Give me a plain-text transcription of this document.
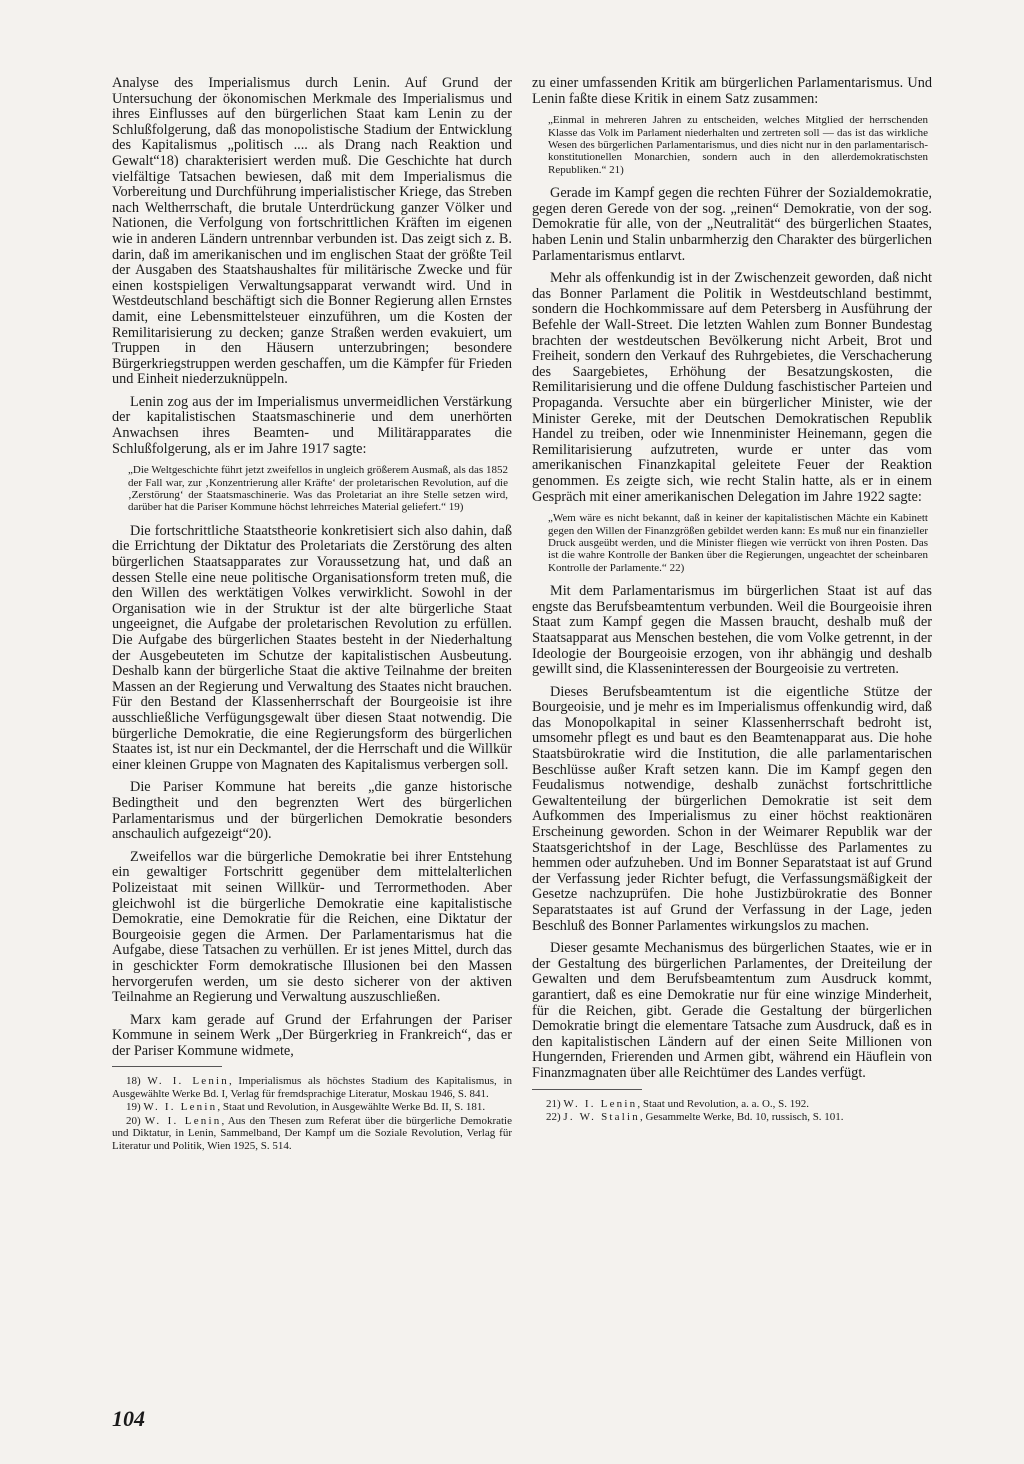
Analyse des Imperialismus durch Lenin. Auf Grund der Untersuchung der ökonomischen Merkmale des Imperialismus und ihres Einflusses auf den bürgerlichen Staat kam Lenin zu der Schlußfolgerung, daß das monopolistische Stadium der Entwicklung des Kapitalismus „politisch .... als Drang nach Reaktion und Gewalt“18) charakterisiert werden muß. Die Geschichte hat durch vielfältige Tatsachen bewiesen, daß mit dem Imperialismus die Vorbereitung und Durchführung imperialistischer Kriege, das Streben nach Weltherrschaft, die brutale Unterdrückung ganzer Völker und Nationen, die Verfolgung von fortschrittlichen Kräften im eigenen wie in anderen Ländern untrennbar verbunden ist. Das zeigt sich z. B. darin, daß im amerikanischen und im englischen Staat der größte Teil der Ausgaben des Staatshaushaltes für militärische Zwecke und für einen kostspieligen Verwaltungsapparat verwandt wird. Und in Westdeutschland beschäftigt sich die Bonner Regierung allen Ernstes damit, eine Lebensmittelsteuer einzuführen, um die Kosten der Remilitarisierung zu decken; ganze Straßen werden evakuiert, um Truppen in den Häusern unterzubringen; besondere Bürgerkriegstruppen werden geschaffen, um die Kämpfer für Frieden und Einheit niederzuknüppeln.

Lenin zog aus der im Imperialismus unvermeidlichen Verstärkung der kapitalistischen Staatsmaschinerie und dem unerhörten Anwachsen ihres Beamten- und Militärapparates die Schlußfolgerung, als er im Jahre 1917 sagte:

„Die Weltgeschichte führt jetzt zweifellos in ungleich größerem Ausmaß, als das 1852 der Fall war, zur ‚Konzentrierung aller Kräfte‘ der proletarischen Revolution, auf die ‚Zerstörung‘ der Staatsmaschinerie. Was das Proletariat an ihre Stelle setzen wird, darüber hat die Pariser Kommune höchst lehrreiches Material geliefert.“ 19)

Die fortschrittliche Staatstheorie konkretisiert sich also dahin, daß die Errichtung der Diktatur des Proletariats die Zerstörung des alten bürgerlichen Staatsapparates zur Voraussetzung hat, und daß an dessen Stelle eine neue politische Organisationsform treten muß, die den Willen des werktätigen Volkes verwirklicht. Sowohl in der Organisation wie in der Struktur ist der alte bürgerliche Staat ungeeignet, die Aufgabe der proletarischen Revolution zu erfüllen. Die Aufgabe des bürgerlichen Staates besteht in der Niederhaltung der Ausgebeuteten im Schutze der kapitalistischen Ausbeutung. Deshalb kann der bürgerliche Staat die aktive Teilnahme der breiten Massen an der Regierung und Verwaltung des Staates nicht brauchen. Für den Bestand der Klassenherrschaft der Bourgeoisie ist ihre ausschließliche Verfügungsgewalt über diesen Staat notwendig. Die bürgerliche Demokratie, die eine Regierungsform des bürgerlichen Staates ist, ist nur ein Deckmantel, der die Herrschaft und die Willkür einer kleinen Gruppe von Magnaten des Kapitalismus verbergen soll.

Die Pariser Kommune hat bereits „die ganze historische Bedingtheit und den begrenzten Wert des bürgerlichen Parlamentarismus und der bürgerlichen Demokratie besonders anschaulich aufgezeigt“20).

Zweifellos war die bürgerliche Demokratie bei ihrer Entstehung ein gewaltiger Fortschritt gegenüber dem mittelalterlichen Polizeistaat mit seinen Willkür- und Terrormethoden. Aber gleichwohl ist die bürgerliche Demokratie eine kapitalistische Demokratie, eine Demokratie für die Reichen, eine Diktatur der Bourgeoisie gegen die Armen. Der Parlamentarismus hat die Aufgabe, diese Tatsachen zu verhüllen. Er ist jenes Mittel, durch das in geschickter Form demokratische Illusionen bei den Massen hervorgerufen werden, um sie desto sicherer von der aktiven Teilnahme an Regierung und Verwaltung auszuschließen.

Marx kam gerade auf Grund der Erfahrungen der Pariser Kommune in seinem Werk „Der Bürgerkrieg in Frankreich“, das er der Pariser Kommune widmete,

18) W. I. Lenin, Imperialismus als höchstes Stadium des Kapitalismus, in Ausgewählte Werke Bd. I, Verlag für fremdsprachige Literatur, Moskau 1946, S. 841.

19) W. I. Lenin, Staat und Revolution, in Ausgewählte Werke Bd. II, S. 181.

20) W. I. Lenin, Aus den Thesen zum Referat über die bürgerliche Demokratie und Diktatur, in Lenin, Sammelband, Der Kampf um die Soziale Revolution, Verlag für Literatur und Politik, Wien 1925, S. 514.

zu einer umfassenden Kritik am bürgerlichen Parlamentarismus. Und Lenin faßte diese Kritik in einem Satz zusammen:

„Einmal in mehreren Jahren zu entscheiden, welches Mitglied der herrschenden Klasse das Volk im Parlament niederhalten und zertreten soll — das ist das wirkliche Wesen des bürgerlichen Parlamentarismus, und dies nicht nur in den parlamentarisch-konstitutionellen Monarchien, sondern auch in den allerdemokratischsten Republiken.“ 21)

Gerade im Kampf gegen die rechten Führer der Sozialdemokratie, gegen deren Gerede von der sog. „reinen“ Demokratie, von der sog. Demokratie für alle, von der „Neutralität“ des bürgerlichen Staates, haben Lenin und Stalin unbarmherzig den Charakter des bürgerlichen Parlamentarismus entlarvt.

Mehr als offenkundig ist in der Zwischenzeit geworden, daß nicht das Bonner Parlament die Politik in Westdeutschland bestimmt, sondern die Hochkommissare auf dem Petersberg in Ausführung der Befehle der Wall-Street. Die letzten Wahlen zum Bonner Bundestag brachten der westdeutschen Bevölkerung nicht Arbeit, Brot und Freiheit, sondern den Verkauf des Ruhrgebietes, die Verschacherung des Saargebietes, Erhöhung der Besatzungskosten, die Remilitarisierung und die offene Duldung faschistischer Parteien und Propaganda. Versuchte aber ein bürgerlicher Minister, wie der Minister Gereke, mit der Deutschen Demokratischen Republik Handel zu treiben, oder wie Innenminister Heinemann, gegen die Remilitarisierung aufzutreten, wurde er unter das vom amerikanischen Finanzkapital geleitete Feuer der Reaktion genommen. Es zeigte sich, wie recht Stalin hatte, als er in einem Gespräch mit einer amerikanischen Delegation im Jahre 1922 sagte:

„Wem wäre es nicht bekannt, daß in keiner der kapitalistischen Mächte ein Kabinett gegen den Willen der Finanzgrößen gebildet werden kann: Es muß nur ein finanzieller Druck ausgeübt werden, und die Minister fliegen wie verrückt von ihren Posten. Das ist die wahre Kontrolle der Banken über die Regierungen, ungeachtet der scheinbaren Kontrolle der Parlamente.“ 22)

Mit dem Parlamentarismus im bürgerlichen Staat ist auf das engste das Berufsbeamtentum verbunden. Weil die Bourgeoisie ihren Staat zum Kampf gegen die Massen braucht, deshalb muß der Staatsapparat aus Menschen bestehen, die vom Volke getrennt, in der Ideologie der Bourgeoisie erzogen, von ihr abhängig und deshalb gewillt sind, die Klasseninteressen der Bourgeoisie zu vertreten.

Dieses Berufsbeamtentum ist die eigentliche Stütze der Bourgeoisie, und je mehr es im Imperialismus offenkundig wird, daß das Monopolkapital in seiner Klassenherrschaft bedroht ist, umsomehr pflegt es und baut es den Beamtenapparat aus. Die hohe Staatsbürokratie wird die Institution, die alle parlamentarischen Beschlüsse außer Kraft setzen kann. Die im Kampf gegen den Feudalismus notwendige, deshalb zunächst fortschrittliche Gewaltenteilung der bürgerlichen Demokratie ist seit dem Aufkommen des Imperialismus zu einer höchst reaktionären Erscheinung geworden. Schon in der Weimarer Republik war der Staatsgerichtshof in der Lage, Beschlüsse des Parlamentes zu hemmen oder aufzuheben. Und im Bonner Separatstaat ist auf Grund der Verfassung jeder Richter befugt, die Verfassungsmäßigkeit der Gesetze nachzuprüfen. Die hohe Justizbürokratie des Bonner Separatstaates ist auf Grund der Verfassung in der Lage, jeden Beschluß des Bonner Parlamentes wirkungslos zu machen.

Dieser gesamte Mechanismus des bürgerlichen Staates, wie er in der Gestaltung des bürgerlichen Parlamentes, der Dreiteilung der Gewalten und dem Berufsbeamtentum zum Ausdruck kommt, garantiert, daß es eine Demokratie nur für eine winzige Minderheit, für die Reichen, gibt. Gerade die Gestaltung der bürgerlichen Demokratie bringt die elementare Tatsache zum Ausdruck, daß es in den kapitalistischen Ländern auf der einen Seite Millionen von Hungernden, Frierenden und Armen gibt, während ein Häuflein von Finanzmagnaten über alle Reichtümer des Landes verfügt.

21) W. I. Lenin, Staat und Revolution, a. a. O., S. 192.

22) J. W. Stalin, Gesammelte Werke, Bd. 10, russisch, S. 101.

104
